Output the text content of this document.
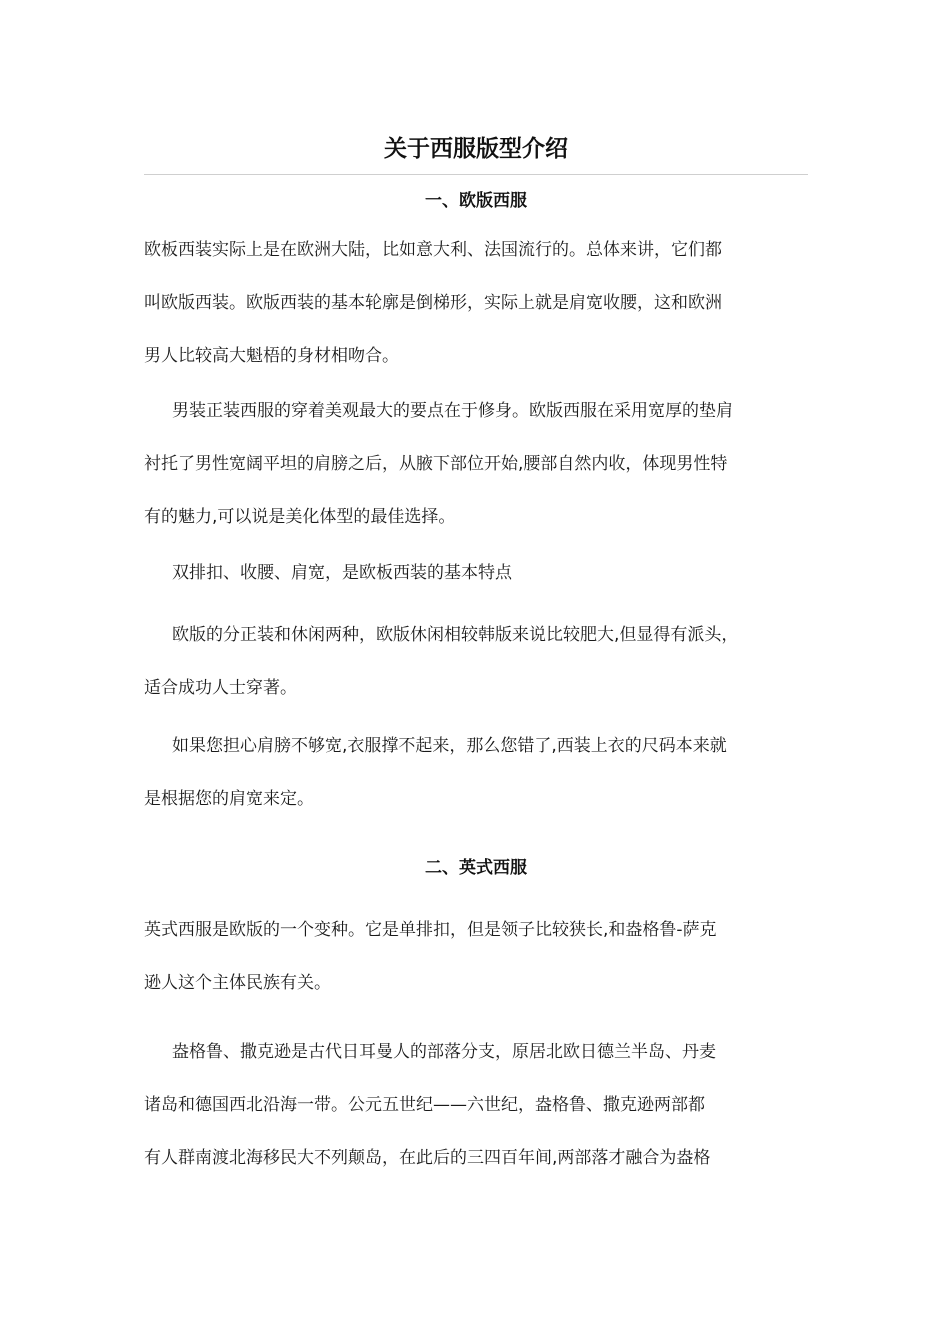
关于西服版型介绍
一、欧版西服
欧板西装实际上是在欧洲大陆，比如意大利、法国流行的。总体来讲，它们都
叫欧版西装。欧版西装的基本轮廓是倒梯形，实际上就是肩宽收腰，这和欧洲
男人比较高大魁梧的身材相吻合。
男装正装西服的穿着美观最大的要点在于修身。欧版西服在采用宽厚的垫肩
衬托了男性宽阔平坦的肩膀之后，从腋下部位开始,腰部自然内收，体现男性特
有的魅力,可以说是美化体型的最佳选择。
双排扣、收腰、肩宽，是欧板西装的基本特点
欧版的分正装和休闲两种，欧版休闲相较韩版来说比较肥大,但显得有派头，
适合成功人士穿著。
如果您担心肩膀不够宽,衣服撑不起来，那么您错了,西装上衣的尺码本来就
是根据您的肩宽来定。
二、英式西服
英式西服是欧版的一个变种。它是单排扣，但是领子比较狭长,和盎格鲁-萨克
逊人这个主体民族有关。
盎格鲁、撒克逊是古代日耳曼人的部落分支，原居北欧日德兰半岛、丹麦
诸岛和德国西北沿海一带。公元五世纪——六世纪，盎格鲁、撒克逊两部都
有人群南渡北海移民大不列颠岛，在此后的三四百年间,两部落才融合为盎格
